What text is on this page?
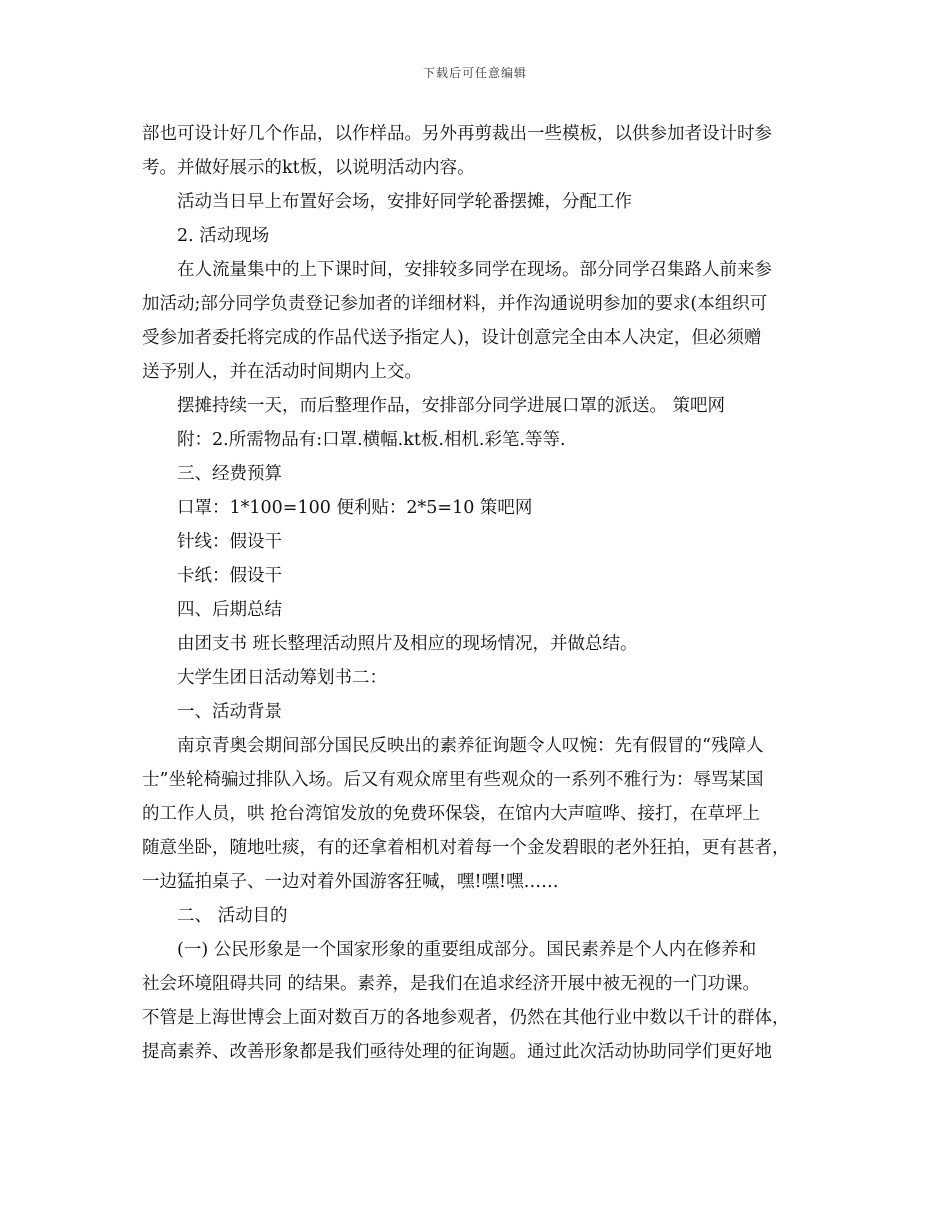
下载后可任意编辑

部也可设计好几个作品，以作样品。另外再剪裁出一些模板，以供参加者设计时参

考。并做好展示的kt板，以说明活动内容。

活动当日早上布置好会场，安排好同学轮番摆摊，分配工作

2. 活动现场

在人流量集中的上下课时间，安排较多同学在现场。部分同学召集路人前来参

加活动;部分同学负责登记参加者的详细材料，并作沟通说明参加的要求(本组织可

受参加者委托将完成的作品代送予指定人)，设计创意完全由本人决定，但必须赠

送予别人，并在活动时间期内上交。

摆摊持续一天，而后整理作品，安排部分同学进展口罩的派送。 策吧网

附：2.所需物品有:口罩.横幅.kt板.相机.彩笔.等等.

三、经费预算

口罩：1*100=100 便利贴：2*5=10 策吧网

针线：假设干

卡纸：假设干

四、后期总结

由团支书 班长整理活动照片及相应的现场情况，并做总结。

大学生团日活动筹划书二：

一、活动背景

南京青奥会期间部分国民反映出的素养征询题令人叹惋：先有假冒的“残障人

士”坐轮椅骗过排队入场。后又有观众席里有些观众的一系列不雅行为：辱骂某国

的工作人员，哄 抢台湾馆发放的免费环保袋，在馆内大声喧哗、接打，在草坪上

随意坐卧，随地吐痰，有的还拿着相机对着每一个金发碧眼的老外狂拍，更有甚者，

一边猛拍桌子、一边对着外国游客狂喊，嘿!嘿!嘿……

二、 活动目的

(一) 公民形象是一个国家形象的重要组成部分。国民素养是个人内在修养和

社会环境阻碍共同 的结果。素养，是我们在追求经济开展中被无视的一门功课。

不管是上海世博会上面对数百万的各地参观者，仍然在其他行业中数以千计的群体，

提高素养、改善形象都是我们亟待处理的征询题。通过此次活动协助同学们更好地
